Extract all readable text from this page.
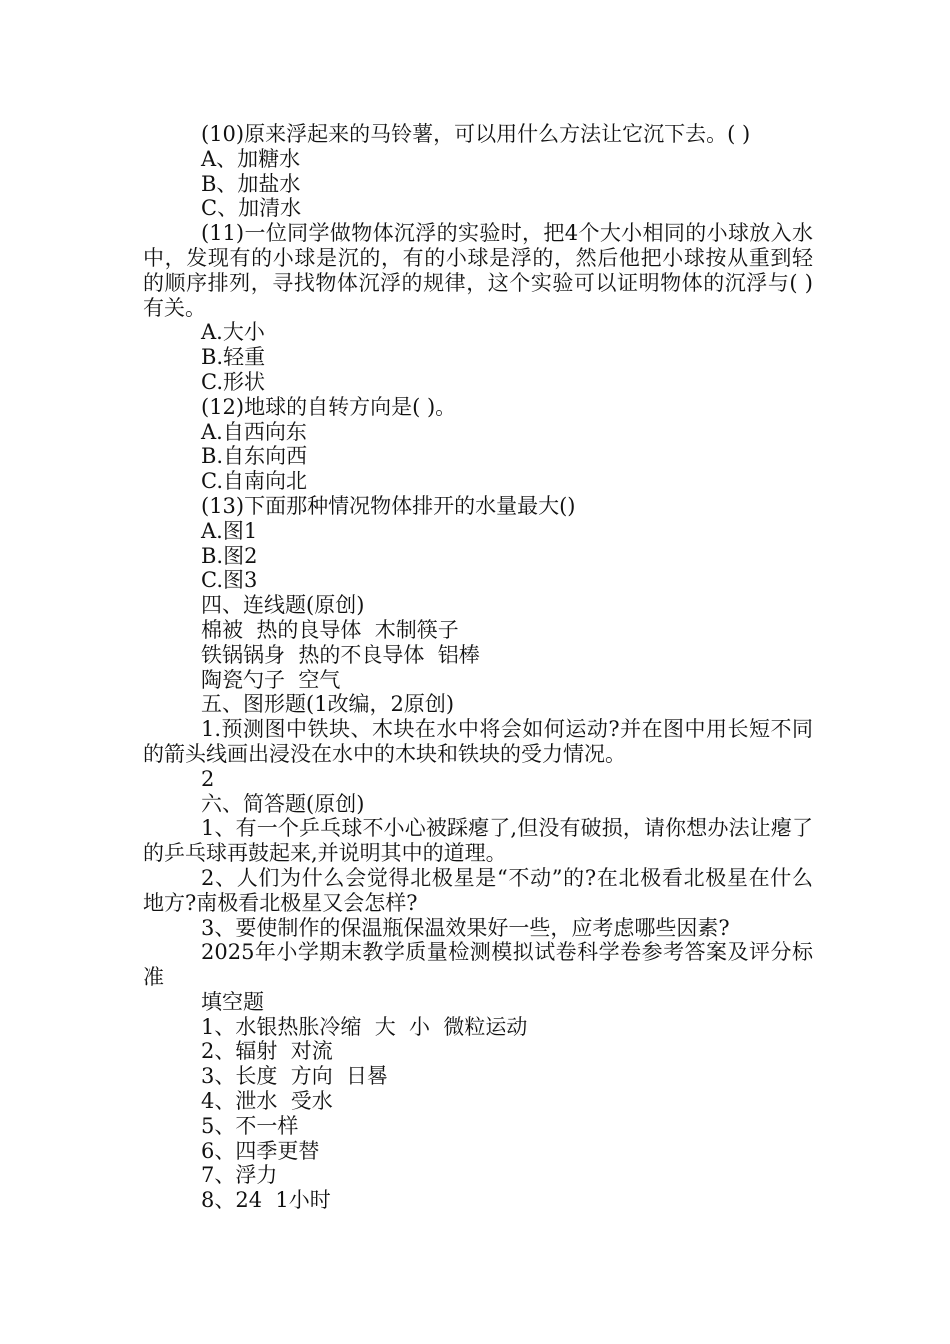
(10)原来浮起来的马铃薯，可以用什么方法让它沉下去。( )
A、加糖水
B、加盐水
C、加清水

(11)一位同学做物体沉浮的实验时，把4个大小相同的小球放入水中，发现有的小球是沉的，有的小球是浮的，然后他把小球按从重到轻的顺序排列，寻找物体沉浮的规律，这个实验可以证明物体的沉浮与( )有关。

A.大小
B.轻重
C.形状
(12)地球的自转方向是( )。
A.自西向东
B.自东向西
C.自南向北
(13)下面那种情况物体排开的水量最大()
A.图1
B.图2
C.图3
四、连线题(原创)
棉被  热的良导体  木制筷子
铁锅锅身  热的不良导体  铝棒
陶瓷勺子  空气
五、图形题(1改编，2原创)

1.预测图中铁块、木块在水中将会如何运动?并在图中用长短不同的箭头线画出浸没在水中的木块和铁块的受力情况。

2
六、简答题(原创)

1、有一个乒乓球不小心被踩瘪了,但没有破损，请你想办法让瘪了的乒乓球再鼓起来,并说明其中的道理。

2、人们为什么会觉得北极星是“不动”的?在北极看北极星在什么地方?南极看北极星又会怎样?

3、要使制作的保温瓶保温效果好一些，应考虑哪些因素?

2025年小学期末教学质量检测模拟试卷科学卷参考答案及评分标准

填空题
1、水银热胀冷缩  大  小  微粒运动
2、辐射  对流
3、长度  方向  日晷
4、泄水  受水
5、不一样
6、四季更替
7、浮力
8、24  1小时
